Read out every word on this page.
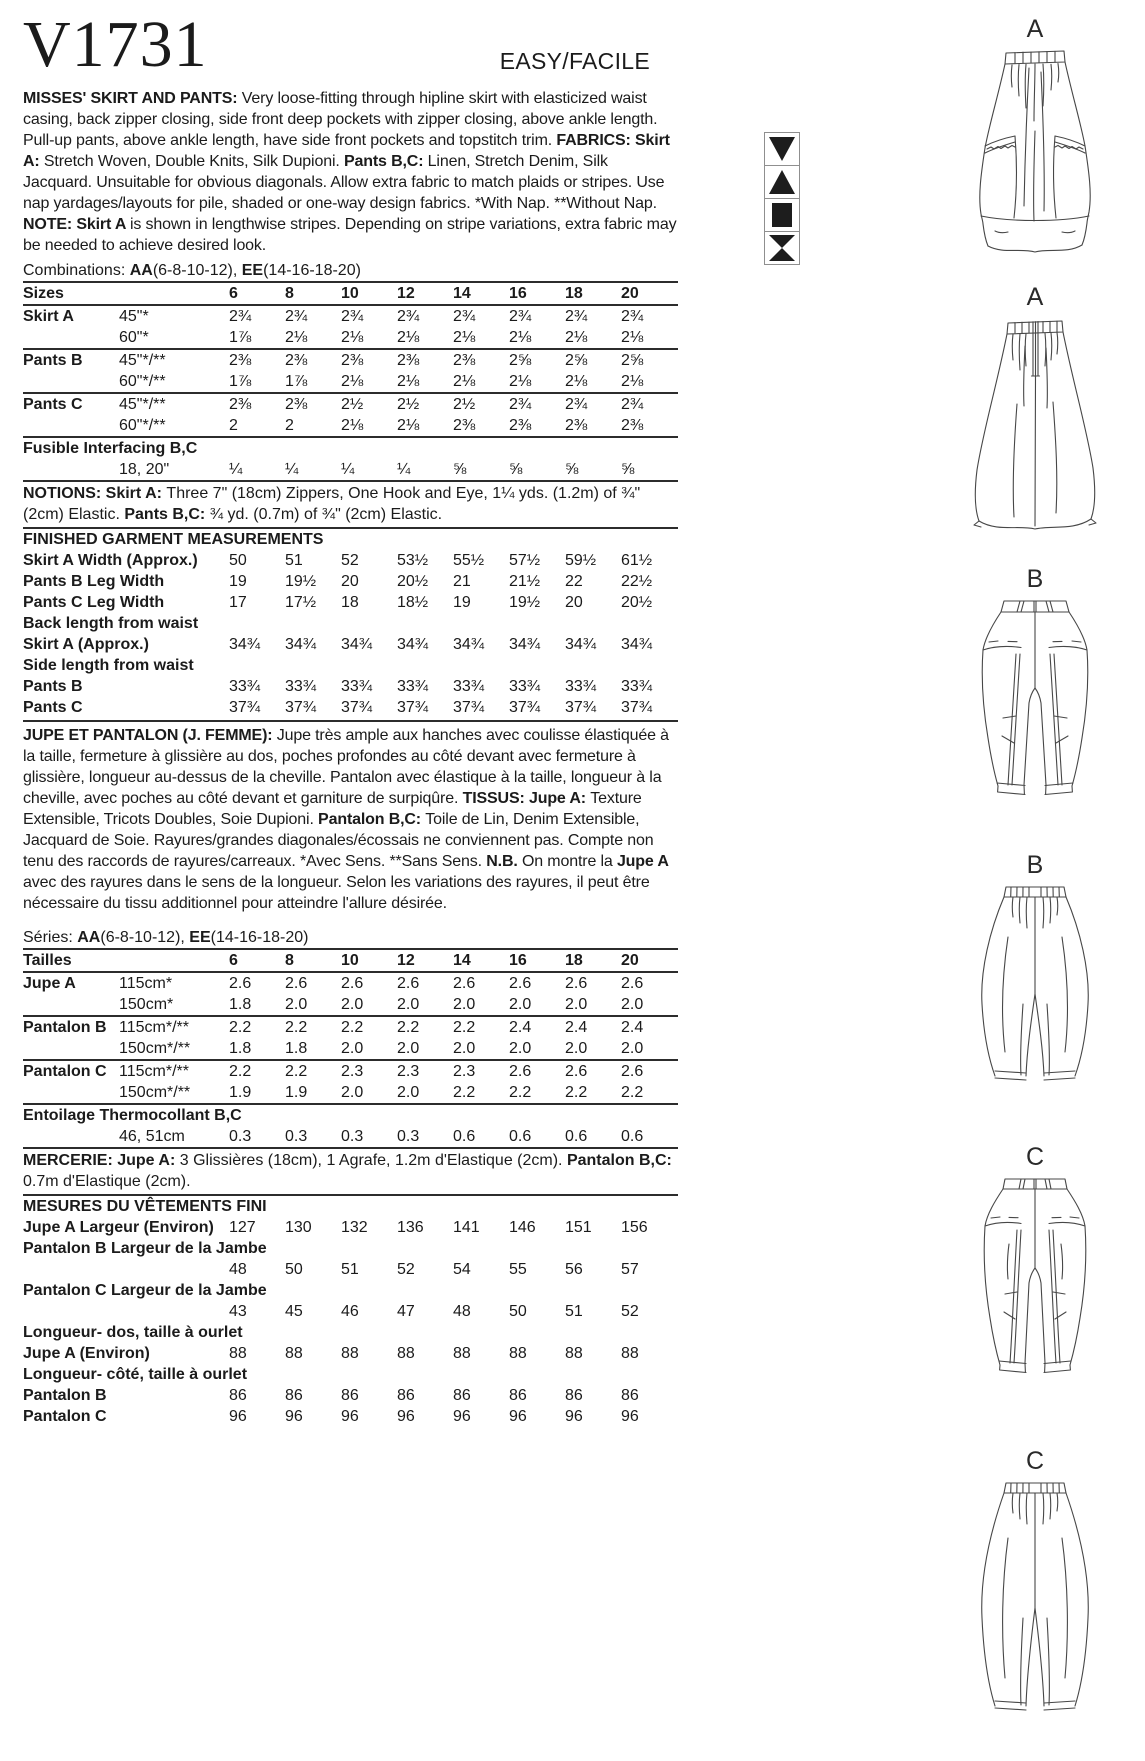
V1731	EASY/FACILE
MISSES' SKIRT AND PANTS: Very loose-fitting through hipline skirt with elasticized waist casing, back zipper closing, side front deep pockets with zipper closing, above ankle length. Pull-up pants, above ankle length, have side front pockets and topstitch trim. FABRICS: Skirt A: Stretch Woven, Double Knits, Silk Dupioni. Pants B,C: Linen, Stretch Denim, Silk Jacquard. Unsuitable for obvious diagonals. Allow extra fabric to match plaids or stripes. Use nap yardages/layouts for pile, shaded or one-way design fabrics. *With Nap. **Without Nap. NOTE: Skirt A is shown in lengthwise stripes. Depending on stripe variations, extra fabric may be needed to achieve desired look.
Combinations: AA(6-8-10-12), EE(14-16-18-20)
Sizes	6	8	10	12	14	16	18	20
Skirt A	45"*	2¾	2¾	2¾	2¾	2¾	2¾	2¾	2¾
60"*	1⅞	2⅛	2⅛	2⅛	2⅛	2⅛	2⅛	2⅛
Pants B	45"*/**	2⅜	2⅜	2⅜	2⅜	2⅜	2⅝	2⅝	2⅝
60"*/**	1⅞	1⅞	2⅛	2⅛	2⅛	2⅛	2⅛	2⅛
Pants C	45"*/**	2⅜	2⅜	2½	2½	2½	2¾	2¾	2¾
60"*/**	2	2	2⅛	2⅛	2⅜	2⅜	2⅜	2⅜
Fusible Interfacing B,C
18, 20"	¼	¼	¼	¼	⅝	⅝	⅝	⅝
NOTIONS: Skirt A: Three 7" (18cm) Zippers, One Hook and Eye, 1¼ yds. (1.2m) of ¾" (2cm) Elastic. Pants B,C: ¾ yd. (0.7m) of ¾" (2cm) Elastic.
FINISHED GARMENT MEASUREMENTS
Skirt A Width (Approx.)	50	51	52	53½	55½	57½	59½	61½
Pants B Leg Width	19	19½	20	20½	21	21½	22	22½
Pants C Leg Width	17	17½	18	18½	19	19½	20	20½
Back length from waist
Skirt A (Approx.)	34¾	34¾	34¾	34¾	34¾	34¾	34¾	34¾
Side length from waist
Pants B	33¾	33¾	33¾	33¾	33¾	33¾	33¾	33¾
Pants C	37¾	37¾	37¾	37¾	37¾	37¾	37¾	37¾
JUPE ET PANTALON (J. FEMME): Jupe très ample aux hanches avec coulisse élastiquée à la taille, fermeture à glissière au dos, poches profondes au côté devant avec fermeture à glissière, longueur au-dessus de la cheville. Pantalon avec élastique à la taille, longueur à la cheville, avec poches au côté devant et garniture de surpiqûre. TISSUS: Jupe A: Texture Extensible, Tricots Doubles, Soie Dupioni. Pantalon B,C: Toile de Lin, Denim Extensible, Jacquard de Soie. Rayures/grandes diagonales/écossais ne conviennent pas. Compte non tenu des raccords de rayures/carreaux. *Avec Sens. **Sans Sens. N.B. On montre la Jupe A avec des rayures dans le sens de la longueur. Selon les variations des rayures, il peut être nécessaire du tissu additionnel pour atteindre l'allure désirée.
Séries: AA(6-8-10-12), EE(14-16-18-20)
Tailles	6	8	10	12	14	16	18	20
Jupe A	115cm*	2.6	2.6	2.6	2.6	2.6	2.6	2.6	2.6
150cm*	1.8	2.0	2.0	2.0	2.0	2.0	2.0	2.0
Pantalon B 115cm*/**	2.2	2.2	2.2	2.2	2.2	2.4	2.4	2.4
150cm*/**	1.8	1.8	2.0	2.0	2.0	2.0	2.0	2.0
Pantalon C 115cm*/**	2.2	2.2	2.3	2.3	2.3	2.6	2.6	2.6
150cm*/**	1.9	1.9	2.0	2.0	2.2	2.2	2.2	2.2
Entoilage Thermocollant B,C
46, 51cm	0.3	0.3	0.3	0.3	0.6	0.6	0.6	0.6
MERCERIE: Jupe A: 3 Glissières (18cm), 1 Agrafe, 1.2m d'Elastique (2cm). Pantalon B,C: 0.7m d'Elastique (2cm).
MESURES DU VÊTEMENTS FINI
Jupe A Largeur (Environ) 127	130	132	136	141	146	151	156
Pantalon B Largeur de la Jambe
48	50	51	52	54	55	56	57
Pantalon C Largeur de la Jambe
43	45	46	47	48	50	51	52
Longueur- dos, taille à ourlet
Jupe A (Environ)	88	88	88	88	88	88	88	88
Longueur- côté, taille à ourlet
Pantalon B	86	86	86	86	86	86	86	86
Pantalon C	96	96	96	96	96	96	96	96
A
A
B
B
C
C
